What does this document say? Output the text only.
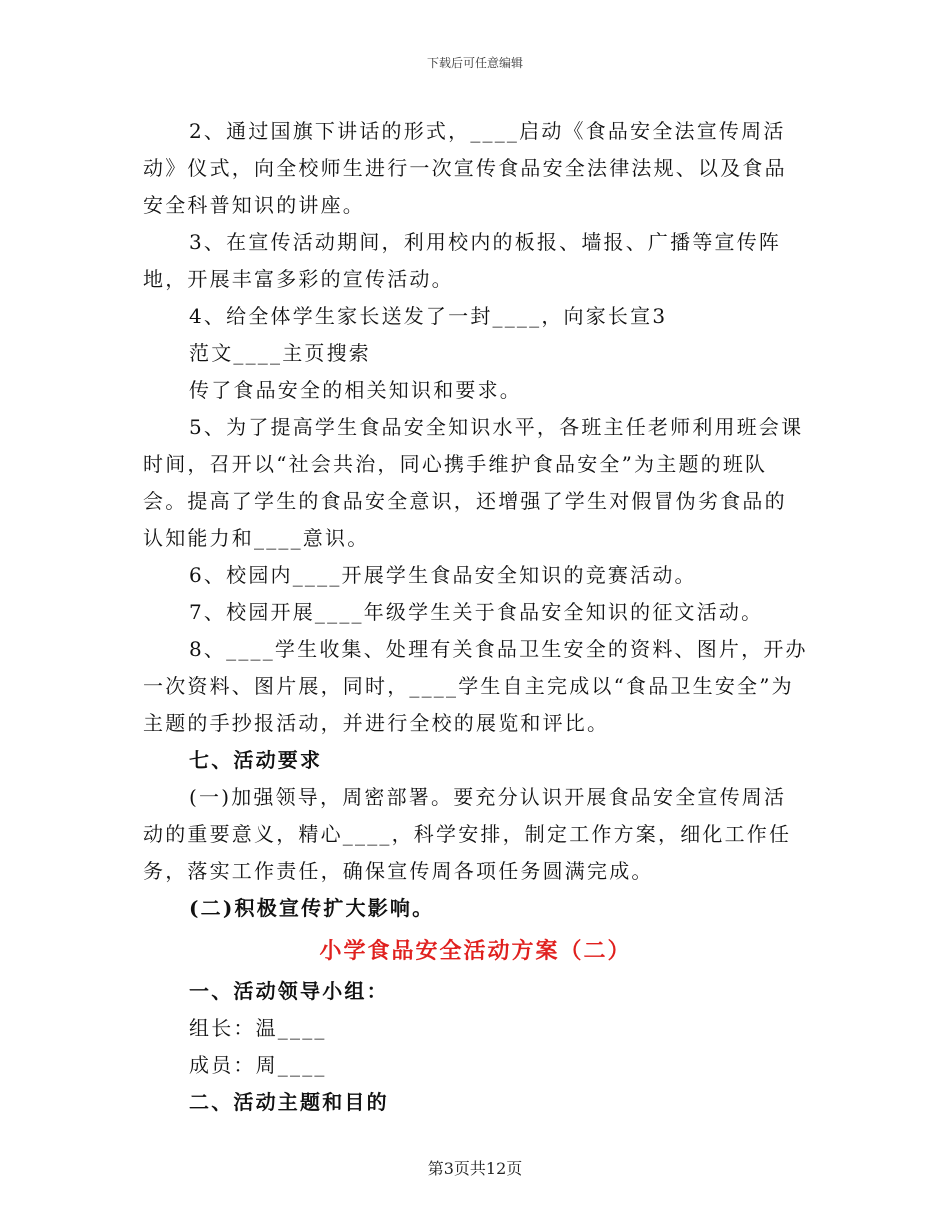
下载后可任意编辑

2、通过国旗下讲话的形式，____启动《食品安全法宣传周活动》仪式，向全校师生进行一次宣传食品安全法律法规、以及食品安全科普知识的讲座。

3、在宣传活动期间，利用校内的板报、墙报、广播等宣传阵地，开展丰富多彩的宣传活动。

4、给全体学生家长送发了一封____，向家长宣3

范文____主页搜索

传了食品安全的相关知识和要求。

5、为了提高学生食品安全知识水平，各班主任老师利用班会课时间，召开以“社会共治，同心携手维护食品安全”为主题的班队会。提高了学生的食品安全意识，还增强了学生对假冒伪劣食品的认知能力和____意识。

6、校园内____开展学生食品安全知识的竞赛活动。

7、校园开展____年级学生关于食品安全知识的征文活动。

8、____学生收集、处理有关食品卫生安全的资料、图片，开办一次资料、图片展，同时，____学生自主完成以“食品卫生安全”为主题的手抄报活动，并进行全校的展览和评比。

七、活动要求

(一)加强领导，周密部署。要充分认识开展食品安全宣传周活动的重要意义，精心____，科学安排，制定工作方案，细化工作任务，落实工作责任，确保宣传周各项任务圆满完成。

(二)积极宣传扩大影响。

小学食品安全活动方案（二）

一、活动领导小组：

组长：温____

成员：周____

二、活动主题和目的

第3页共12页
